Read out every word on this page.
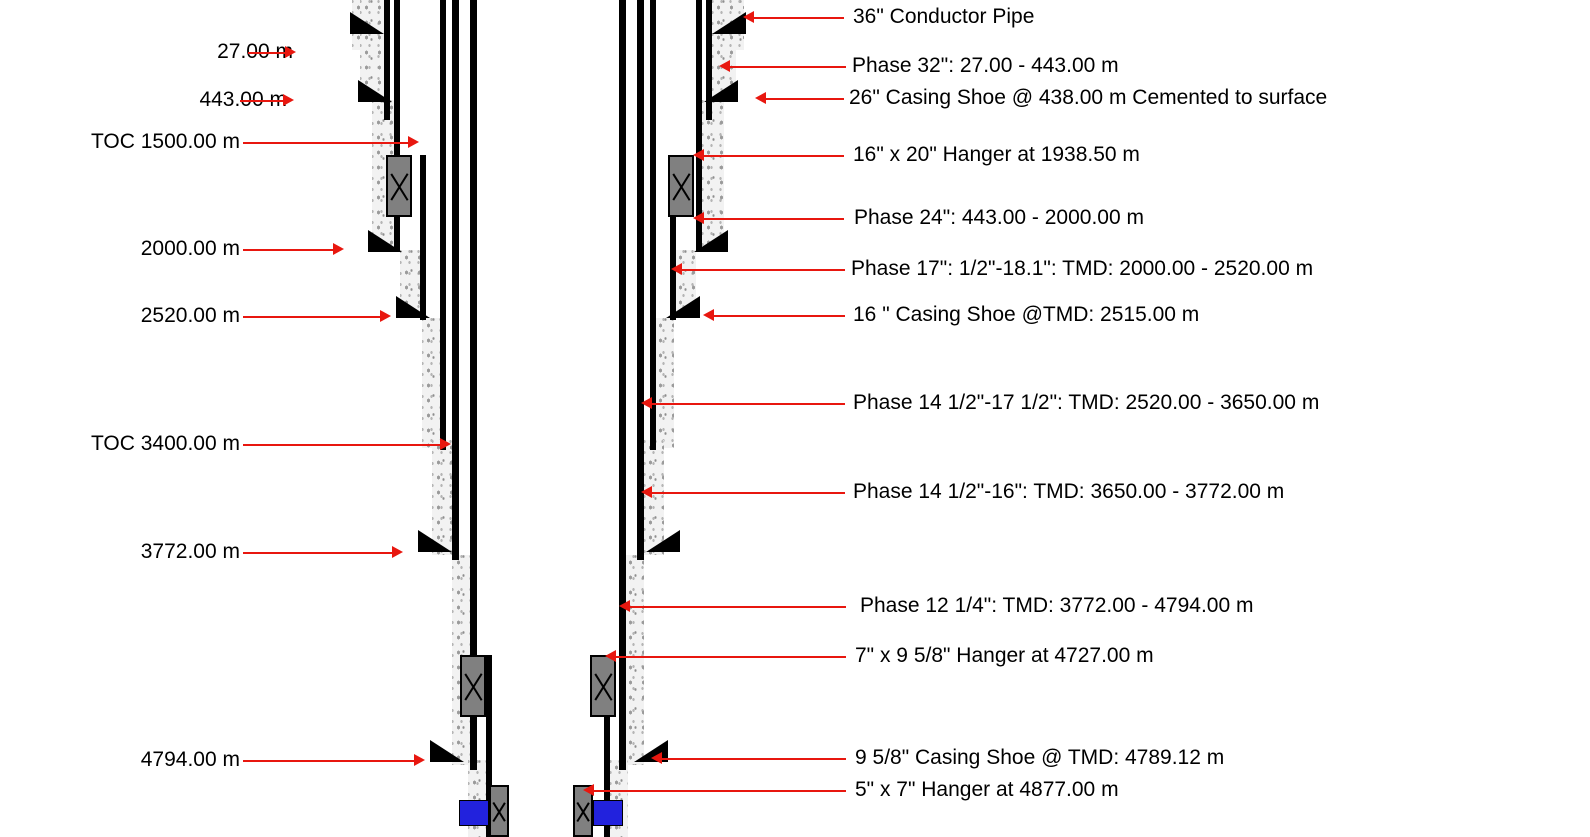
27.00 m
443.00 m
TOC 1500.00 m
2000.00 m
2520.00 m
TOC 3400.00 m
3772.00 m
4794.00 m
36" Conductor Pipe
Phase 32": 27.00 - 443.00 m
26" Casing Shoe @ 438.00 m Cemented to surface
16" x 20" Hanger at 1938.50 m
Phase 24": 443.00 - 2000.00 m
Phase 17": 1/2"-18.1": TMD: 2000.00 - 2520.00 m
16 " Casing Shoe @TMD: 2515.00 m
Phase 14 1/2"-17 1/2": TMD: 2520.00 - 3650.00 m
Phase 14 1/2"-16": TMD: 3650.00 - 3772.00 m
Phase 12 1/4": TMD: 3772.00 - 4794.00 m
7" x 9 5/8" Hanger at 4727.00 m
9 5/8" Casing Shoe @ TMD: 4789.12 m
5" x 7" Hanger at 4877.00 m
